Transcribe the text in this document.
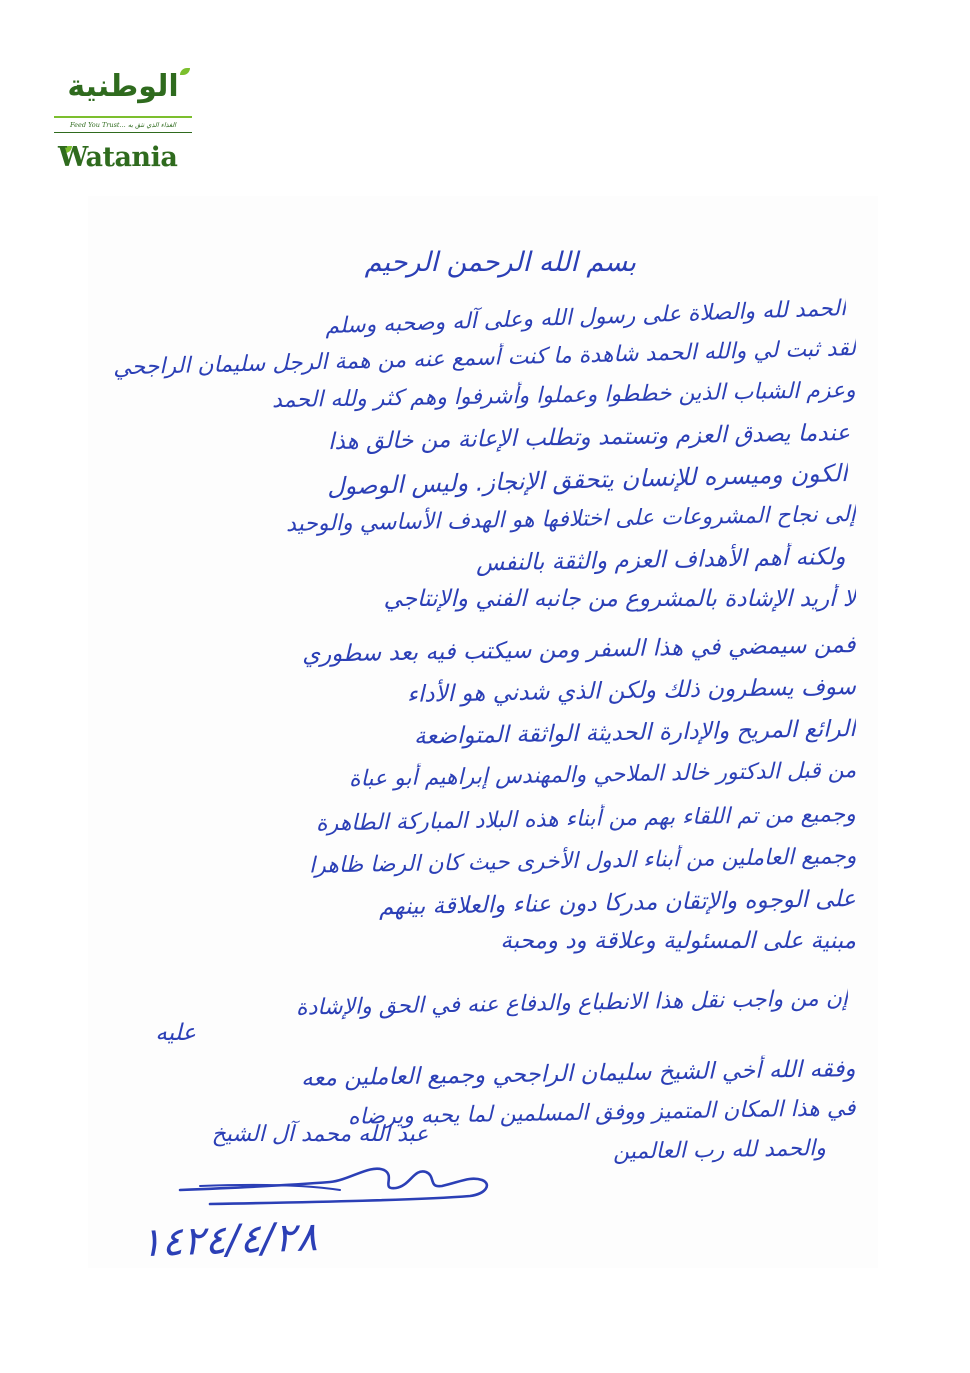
الوطنية
Feed You Trust... الغذاء الذي تثق به
Watania
بسم الله الرحمن الرحيم
الحمد لله والصلاة على رسول الله وعلى آله وصحبه وسلم
لقد ثبت لي والله الحمد شاهدة ما كنت أسمع عنه من همة الرجل سليمان الراجحي
وعزم الشباب الذين خططوا وعملوا وأشرفوا وهم كثر ولله الحمد
عندما يصدق العزم وتستمد وتطلب الإعانة من خالق هذا
الكون وميسره للإنسان يتحقق الإنجاز. وليس الوصول
إلى نجاح المشروعات على اختلافها هو الهدف الأساسي والوحيد
ولكنه أهم الأهداف العزم والثقة بالنفس
لا أريد الإشادة بالمشروع من جانبه الفني والإنتاجي
فمن سيمضي في هذا السفر ومن سيكتب فيه بعد سطوري
سوف يسطرون ذلك ولكن الذي شدني هو الأداء
الرائع المريح والإدارة الحديثة الواثقة المتواضعة
من قبل الدكتور خالد الملاحي والمهندس إبراهيم أبو عباة
وجميع من تم اللقاء بهم من أبناء هذه البلاد المباركة الطاهرة
وجميع العاملين من أبناء الدول الأخرى حيث كان الرضا ظاهرا
على الوجوه والإتقان مدركا دون عناء والعلاقة بينهم
مبنية على المسئولية وعلاقة ود ومحبة
إن من واجب نقل هذا الانطباع والدفاع عنه في الحق والإشادة
عليه
وفقه الله أخي الشيخ سليمان الراجحي وجميع العاملين معه
في هذا المكان المتميز ووفق المسلمين لما يحبه ويرضاه
والحمد لله رب العالمين
عبد الله محمد آل الشيخ
١٤٢٤/٤/٢٨
